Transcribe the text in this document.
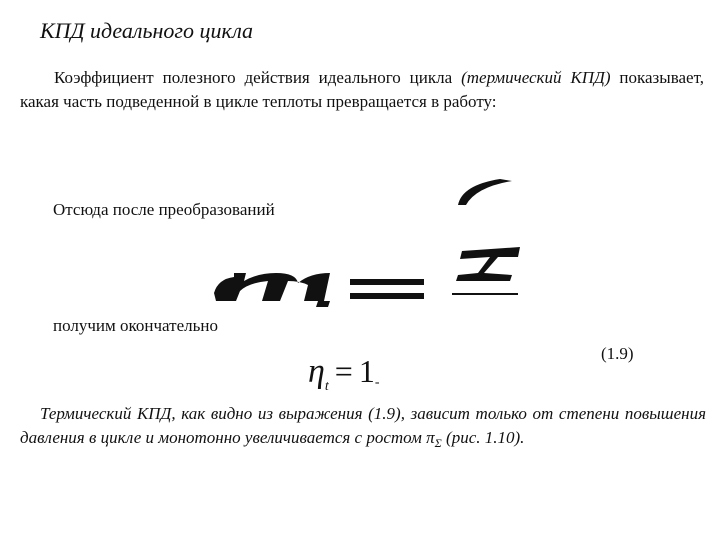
КПД идеального цикла
Коэффициент полезного действия идеального цикла (термический КПД) показывает, какая часть подведенной в цикле теплоты превращается в работу:
Отсюда после преобразований
получим окончательно
ηt = 1-
(1.9)
Термический КПД, как видно из выражения (1.9), зависит только от степени повышения давления в цикле и монотонно увеличивается с ростом $\pi_\Sigma$ (рис. 1.10).
